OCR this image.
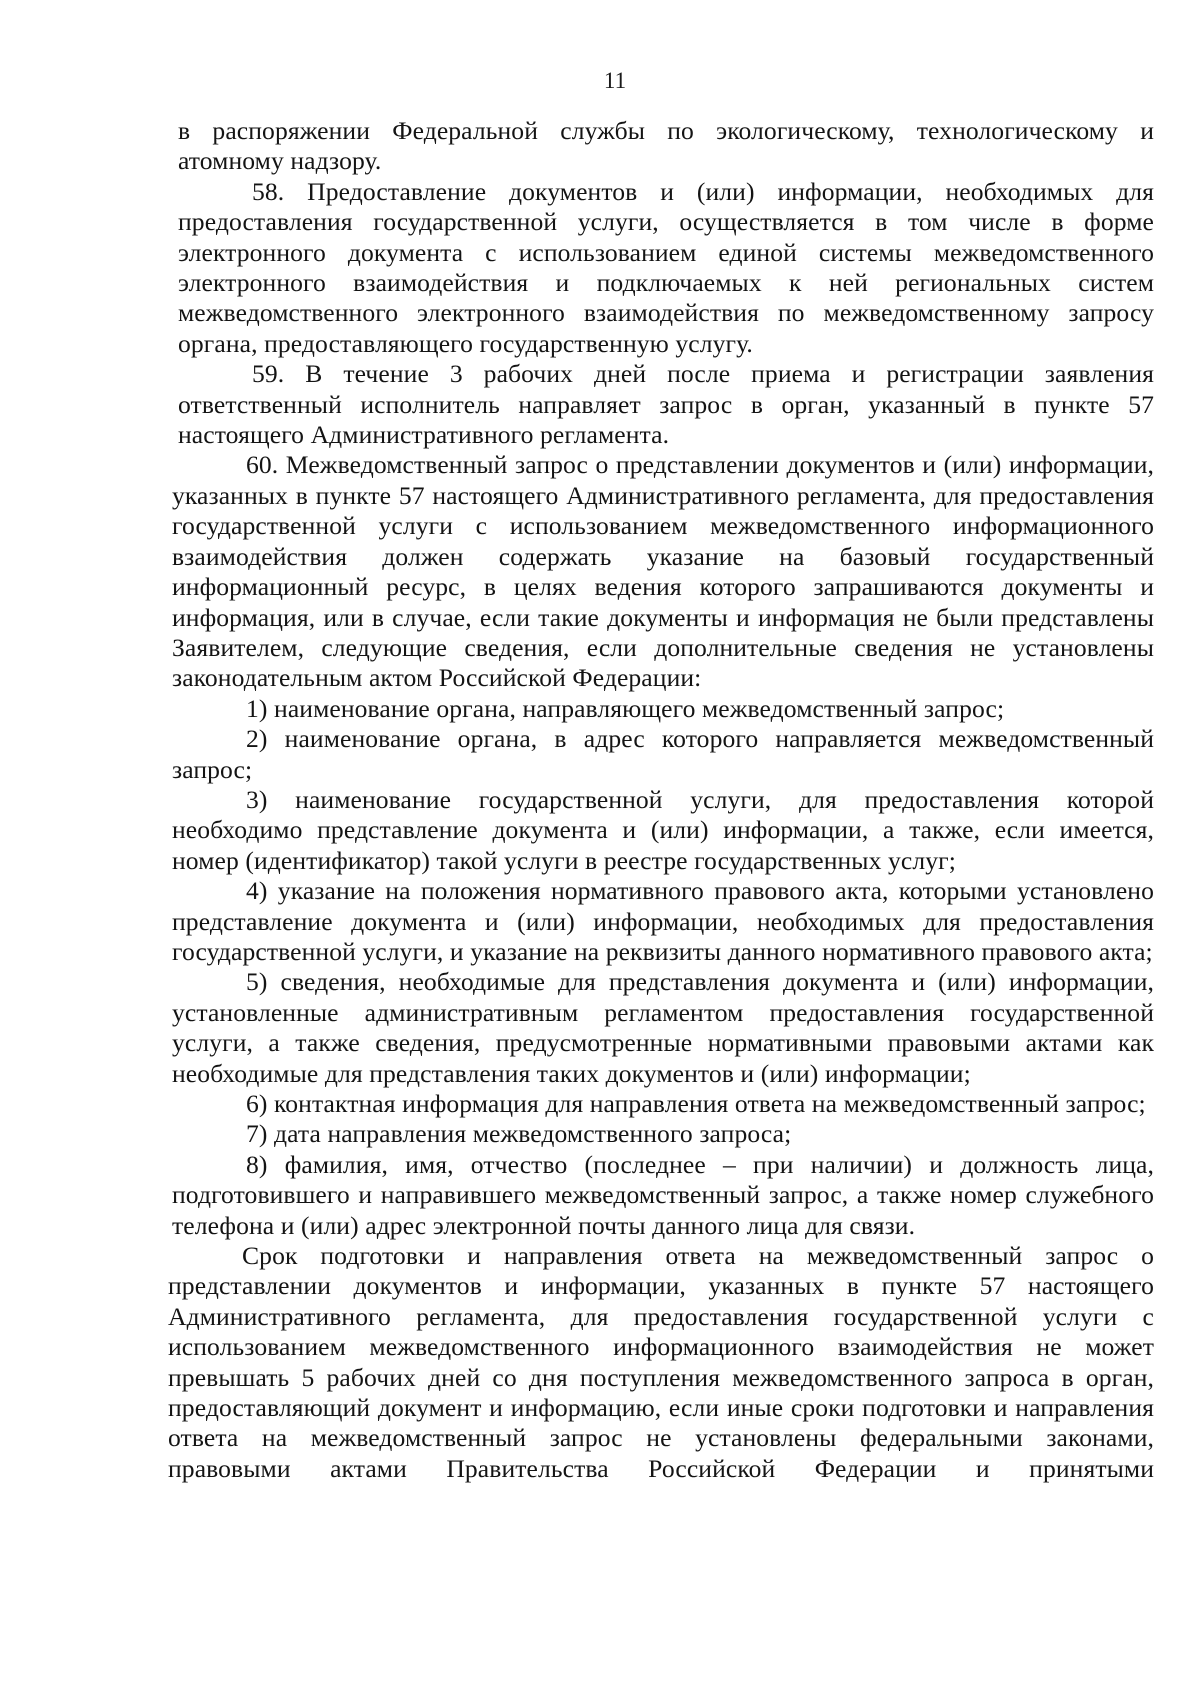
11

в распоряжении Федеральной службы по экологическому, технологическому и атомному надзору.

58. Предоставление документов и (или) информации, необходимых для предоставления государственной услуги, осуществляется в том числе в форме электронного документа с использованием единой системы межведомственного электронного взаимодействия и подключаемых к ней региональных систем межведомственного электронного взаимодействия по межведомственному запросу органа, предоставляющего государственную услугу.

59. В течение 3 рабочих дней после приема и регистрации заявления ответственный исполнитель направляет запрос в орган, указанный в пункте 57 настоящего Административного регламента.

60. Межведомственный запрос о представлении документов и (или) информации, указанных в пункте 57 настоящего Административного регламента, для предоставления государственной услуги с использованием межведомственного информационного взаимодействия должен содержать указание на базовый государственный информационный ресурс, в целях ведения которого запрашиваются документы и информация, или в случае, если такие документы и информация не были представлены Заявителем, следующие сведения, если дополнительные сведения не установлены законодательным актом Российской Федерации:

1) наименование органа, направляющего межведомственный запрос;

2) наименование органа, в адрес которого направляется межведомственный запрос;

3) наименование государственной услуги, для предоставления которой необходимо представление документа и (или) информации, а также, если имеется, номер (идентификатор) такой услуги в реестре государственных услуг;

4) указание на положения нормативного правового акта, которыми установлено представление документа и (или) информации, необходимых для предоставления государственной услуги, и указание на реквизиты данного нормативного правового акта;

5) сведения, необходимые для представления документа и (или) информации, установленные административным регламентом предоставления государственной услуги, а также сведения, предусмотренные нормативными правовыми актами как необходимые для представления таких документов и (или) информации;

6) контактная информация для направления ответа на межведомственный запрос;

7) дата направления межведомственного запроса;

8) фамилия, имя, отчество (последнее – при наличии) и должность лица, подготовившего и направившего межведомственный запрос, а также номер служебного телефона и (или) адрес электронной почты данного лица для связи.

Срок подготовки и направления ответа на межведомственный запрос о представлении документов и информации, указанных в пункте 57 настоящего Административного регламента, для предоставления государственной услуги с использованием межведомственного информационного взаимодействия не может превышать 5 рабочих дней со дня поступления межведомственного запроса в орган, предоставляющий документ и информацию, если иные сроки подготовки и направления ответа на межведомственный запрос не установлены федеральными законами, правовыми актами Правительства Российской Федерации и принятыми
